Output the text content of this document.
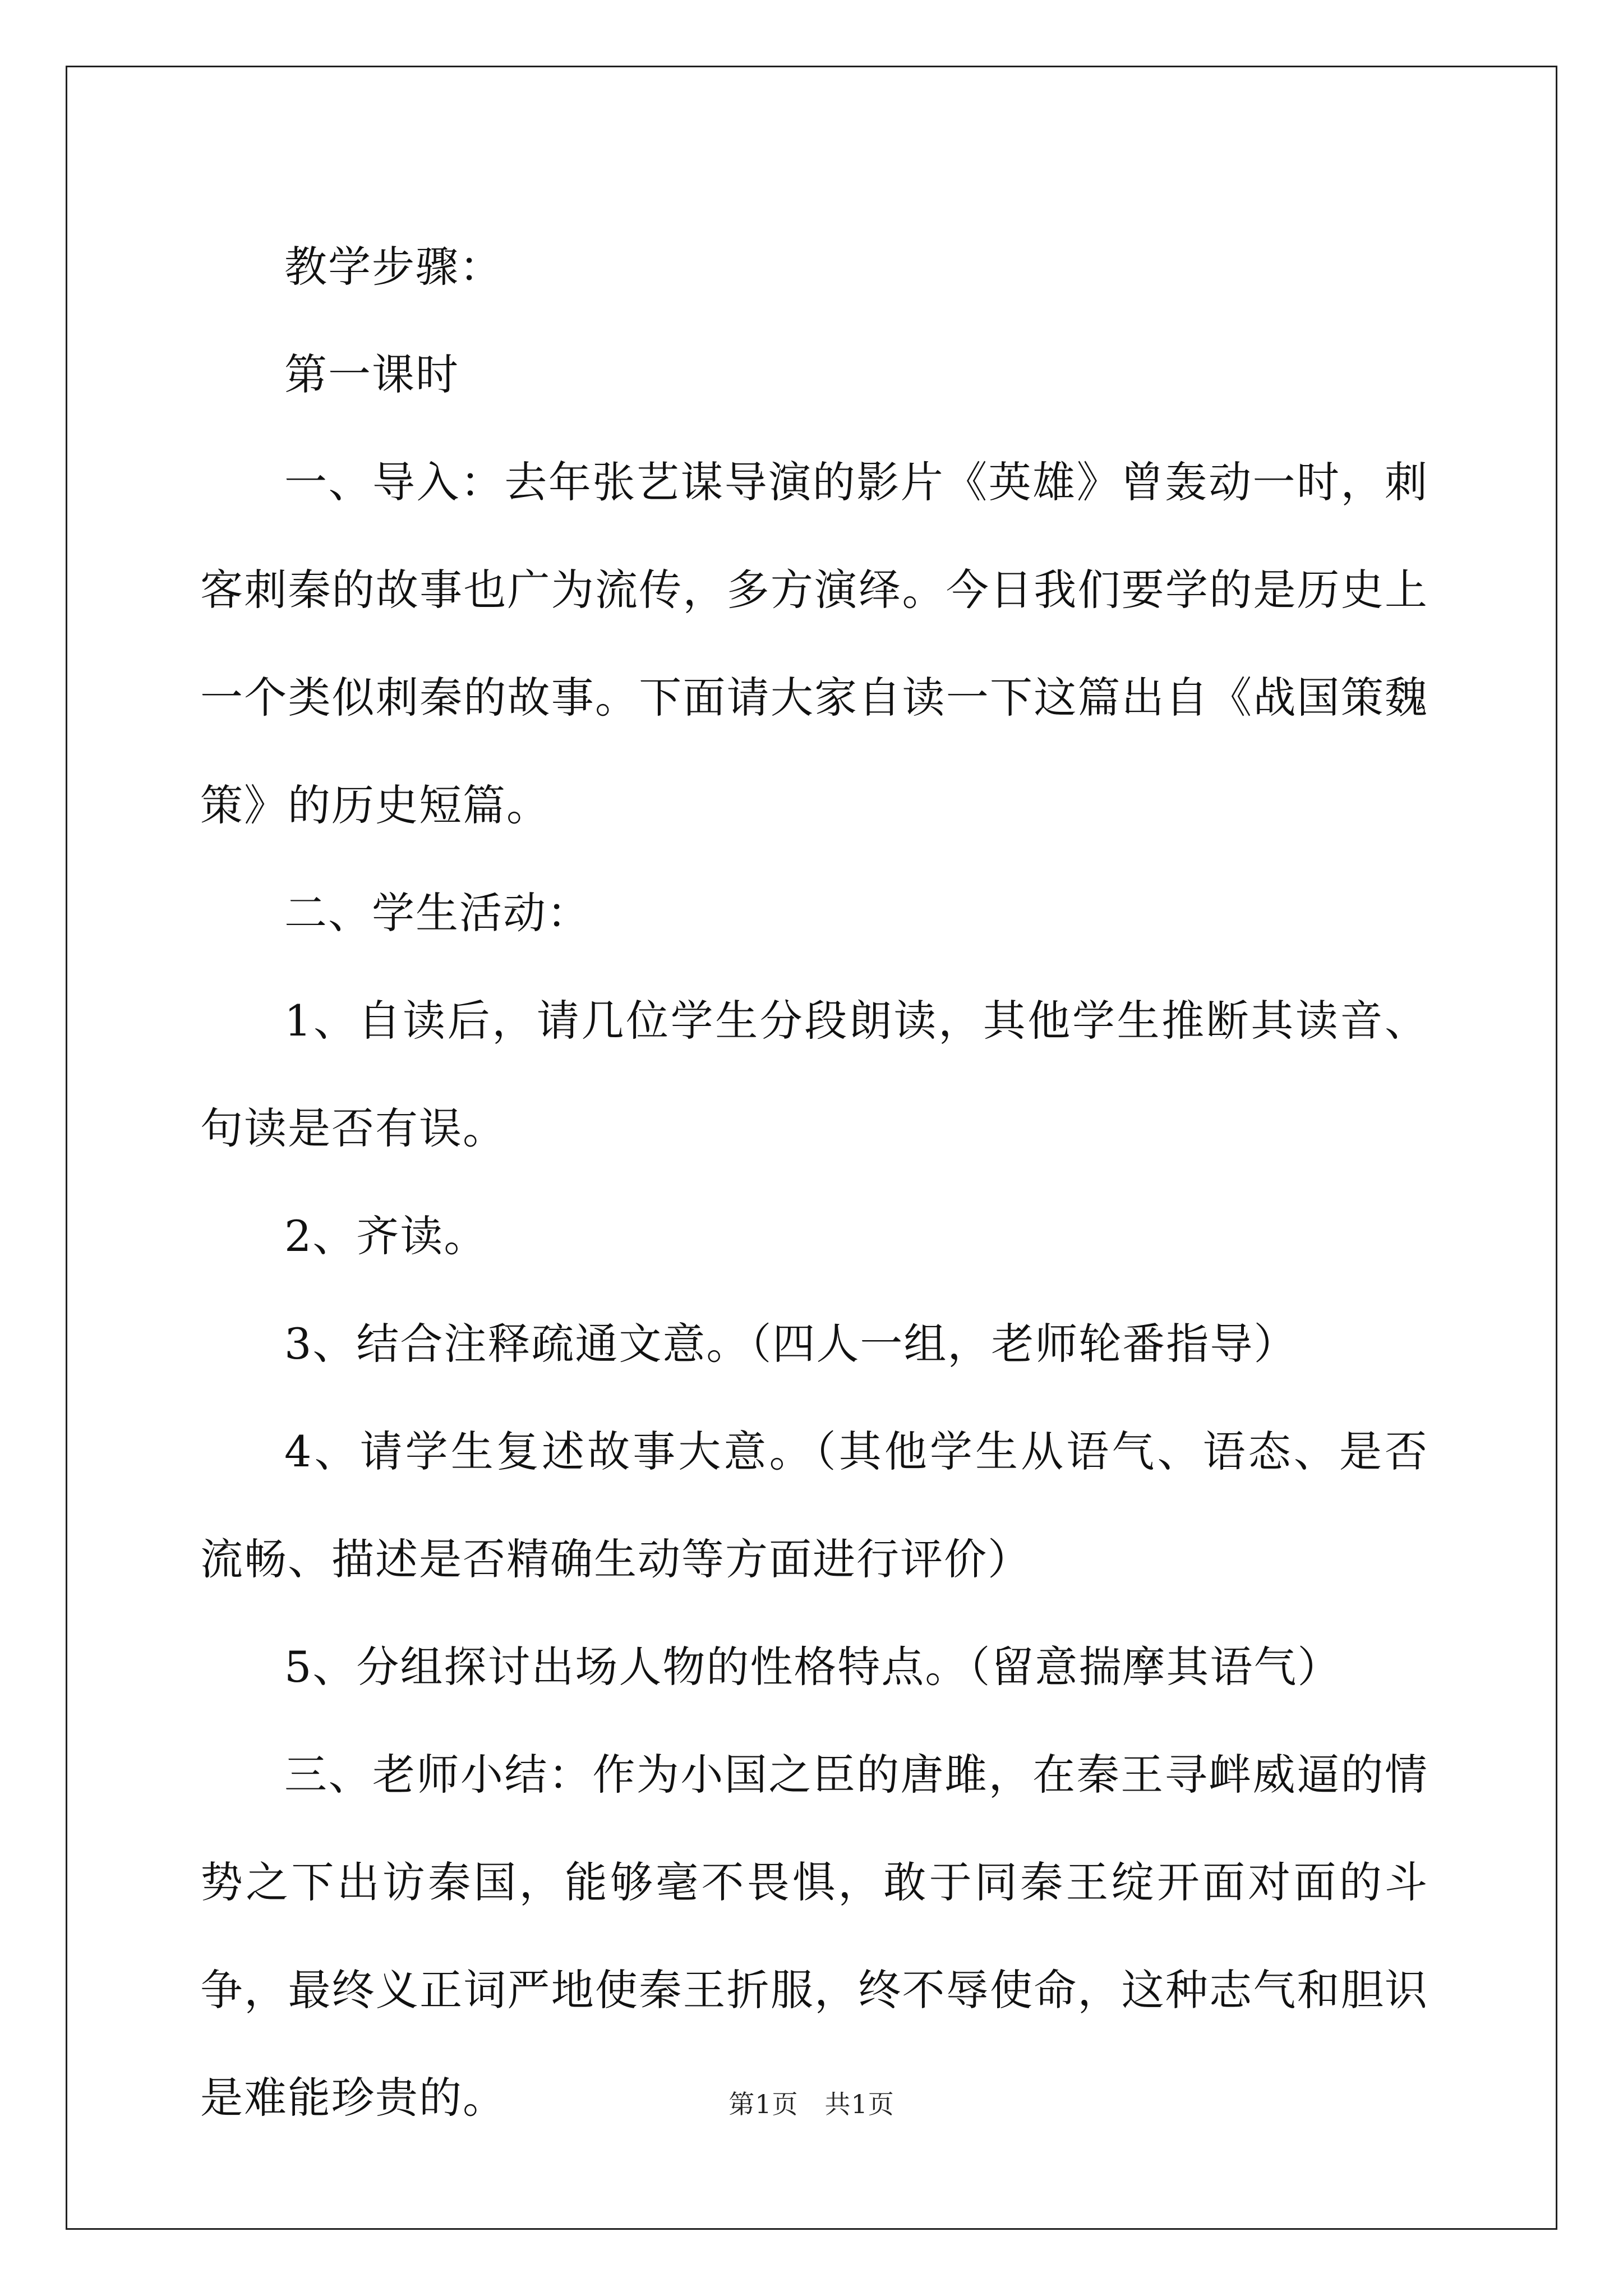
教学步骤：

第一课时

一、导入：去年张艺谋导演的影片《英雄》曾轰动一时，刺客刺秦的故事也广为流传，多方演绎。今日我们要学的是历史上一个类似刺秦的故事。下面请大家自读一下这篇出自《战国策魏策》的历史短篇。

二、学生活动：

1、自读后，请几位学生分段朗读，其他学生推断其读音、句读是否有误。

2、齐读。

3、结合注释疏通文意。（四人一组，老师轮番指导）

4、请学生复述故事大意。（其他学生从语气、语态、是否流畅、描述是否精确生动等方面进行评价）

5、分组探讨出场人物的性格特点。（留意揣摩其语气）

三、老师小结：作为小国之臣的唐雎，在秦王寻衅威逼的情势之下出访秦国，能够毫不畏惧，敢于同秦王绽开面对面的斗争，最终义正词严地使秦王折服，终不辱使命，这种志气和胆识是难能珍贵的。	第1页　共1页
